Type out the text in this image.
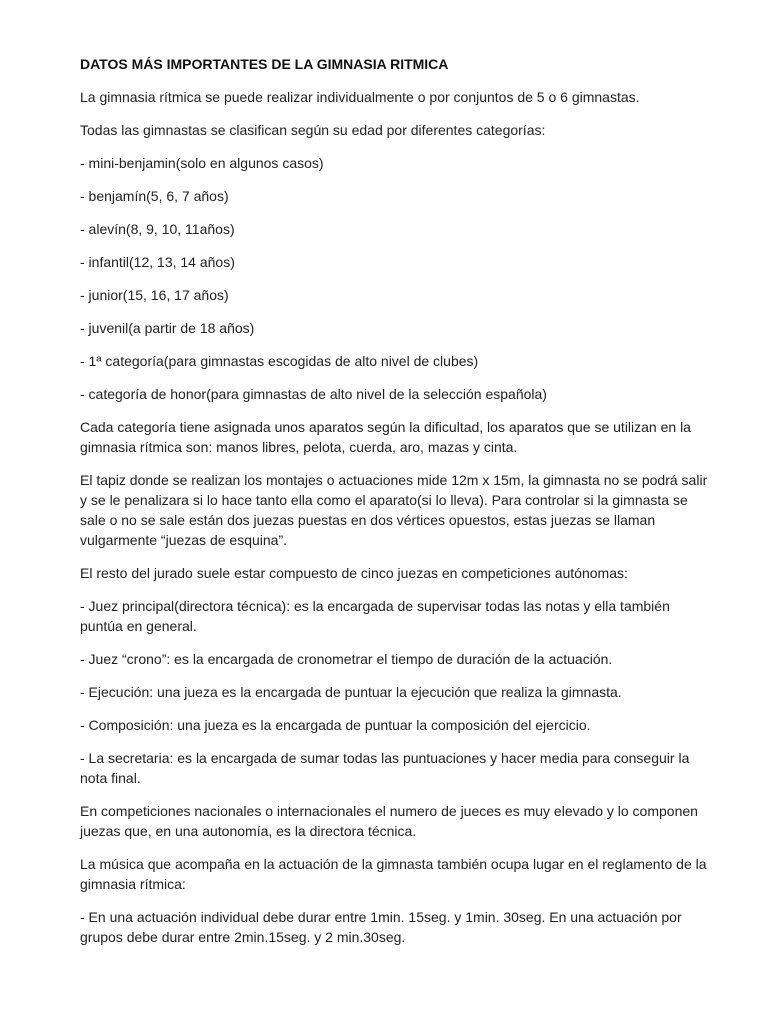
DATOS MÁS IMPORTANTES DE LA GIMNASIA RITMICA
La gimnasia rítmica se puede realizar individualmente o por conjuntos de 5 o 6 gimnastas.
Todas las gimnastas se clasifican según su edad por diferentes categorías:
- mini-benjamin(solo en algunos casos)
- benjamín(5, 6, 7 años)
- alevín(8, 9, 10, 11años)
- infantil(12, 13, 14 años)
- junior(15, 16, 17 años)
- juvenil(a partir de 18 años)
- 1ª categoría(para gimnastas escogidas de alto nivel de clubes)
- categoría de honor(para gimnastas de alto nivel de la selección española)
Cada categoría tiene asignada unos aparatos según la dificultad, los aparatos que se utilizan en la gimnasia rítmica son: manos libres, pelota, cuerda, aro, mazas y cinta.
El tapiz donde se realizan los montajes o actuaciones mide 12m x 15m, la gimnasta no se podrá salir y se le penalizara si lo hace tanto ella como el aparato(si lo lleva). Para controlar si la gimnasta se sale o no se sale están dos juezas puestas en dos vértices opuestos, estas juezas se llaman vulgarmente “juezas de esquina”.
El resto del jurado suele estar compuesto de cinco juezas en competiciones autónomas:
- Juez principal(directora técnica): es la encargada de supervisar todas las notas y ella también puntúa en general.
- Juez “crono”: es la encargada de cronometrar el tiempo de duración de la actuación.
- Ejecución: una jueza es la encargada de puntuar la ejecución que realiza la gimnasta.
- Composición: una jueza es la encargada de puntuar la composición del ejercicio.
- La secretaria: es la encargada de sumar todas las puntuaciones y hacer media para conseguir la nota final.
En competiciones nacionales o internacionales el numero de jueces es muy elevado y lo componen juezas que, en una autonomía, es la directora técnica.
La música que acompaña en la actuación de la gimnasta también ocupa lugar en el reglamento de la gimnasia rítmica:
- En una actuación individual debe durar entre 1min. 15seg. y 1min. 30seg. En una actuación por grupos debe durar entre 2min.15seg. y 2 min.30seg.
